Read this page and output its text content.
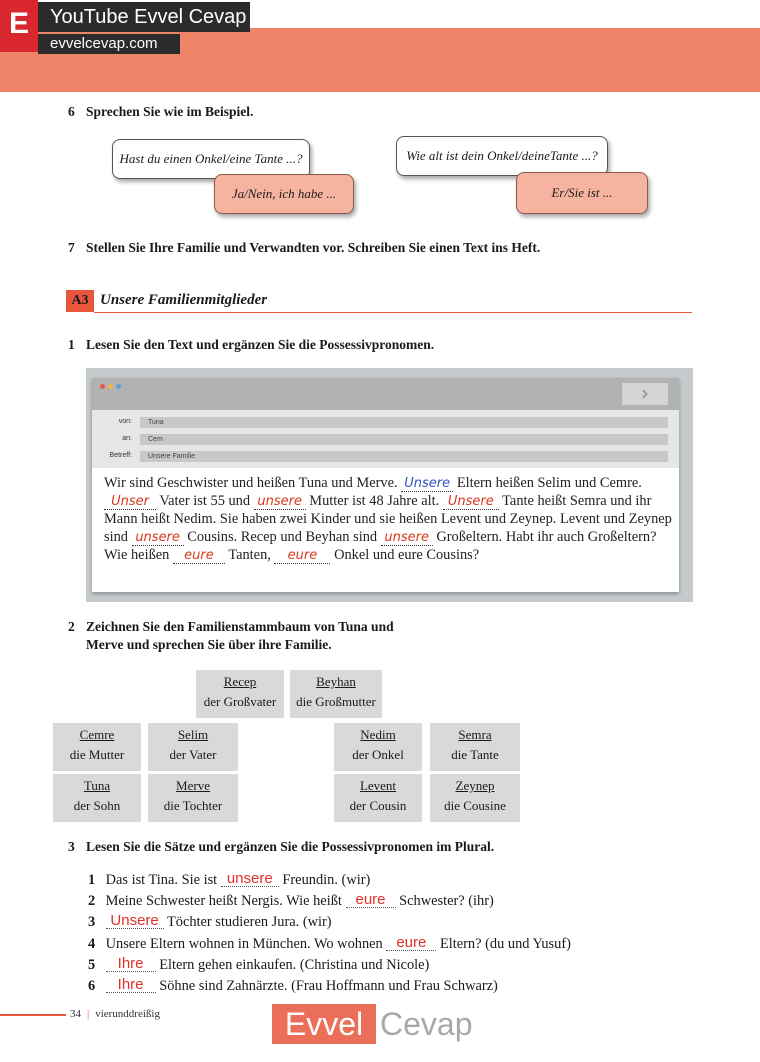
E	YouTube Evvel Cevap
evvelcevap.com
6 Sprechen Sie wie im Beispiel.
Hast du einen Onkel/eine Tante ...?
Ja/Nein, ich habe ...
Wie alt ist dein Onkel/deineTante ...?
Er/Sie ist ...
7 Stellen Sie Ihre Familie und Verwandten vor. Schreiben Sie einen Text ins Heft.
A3 Unsere Familienmitglieder
1 Lesen Sie den Text und ergänzen Sie die Possessivpronomen.
›
von:	Tuna
an:	Cem
Betreff:	Unsere Familie
Wir sind Geschwister und heißen Tuna und Merve. Unsere Eltern heißen Selim und Cemre. Unser Vater ist 55 und unsere Mutter ist 48 Jahre alt. Unsere Tante heißt Semra und ihr Mann heißt Nedim. Sie haben zwei Kinder und sie heißen Levent und Zeynep. Levent und Zeynep sind unsere Cousins. Recep und Beyhan sind unsere Großeltern. Habt ihr auch Großeltern? Wie heißen eure Tanten, eure Onkel und eure Cousins?
2 Zeichnen Sie den Familienstammbaum von Tuna und
Merve und sprechen Sie über ihre Familie.
Recep
der Großvater
Beyhan
die Großmutter
Cemre
die Mutter
Selim
der Vater
Nedim
der Onkel
Semra
die Tante
Tuna
der Sohn
Merve
die Tochter
Levent
der Cousin
Zeynep
die Cousine
3 Lesen Sie die Sätze und ergänzen Sie die Possessivpronomen im Plural.
1 Das ist Tina. Sie ist unsere Freundin. (wir)
2 Meine Schwester heißt Nergis. Wie heißt eure Schwester? (ihr)
3 Unsere Töchter studieren Jura. (wir)
4 Unsere Eltern wohnen in München. Wo wohnen eure Eltern? (du und Yusuf)
5 Ihre Eltern gehen einkaufen. (Christina und Nicole)
6 Ihre Söhne sind Zahnärzte. (Frau Hoffmann und Frau Schwarz)
34 | vierunddreißig	Evvel Cevap
